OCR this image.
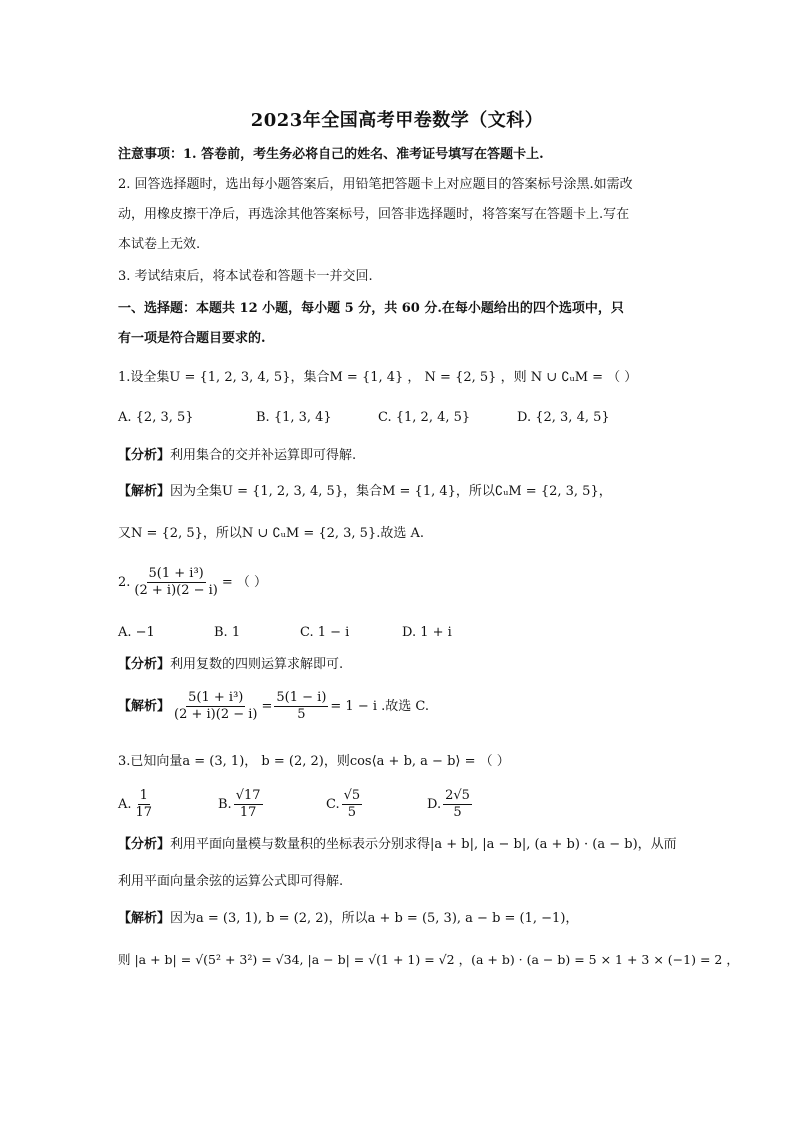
2023年全国高考甲卷数学（文科）
注意事项：1. 答卷前，考生务必将自己的姓名、准考证号填写在答题卡上.
2. 回答选择题时，选出每小题答案后，用铅笔把答题卡上对应题目的答案标号涂黑.如需改
动，用橡皮擦干净后，再选涂其他答案标号，回答非选择题时，将答案写在答题卡上.写在
本试卷上无效.
3. 考试结束后，将本试卷和答题卡一并交回.
一、选择题：本题共 12 小题，每小题 5 分，共 60 分.在每小题给出的四个选项中，只
有一项是符合题目要求的.
1.设全集U = {1, 2, 3, 4, 5}，集合M = {1, 4} ， N = {2, 5} ，则 N ∪ ∁ᵤM = （ ）
A. {2, 3, 5}	B. {1, 3, 4}	C. {1, 2, 4, 5}	D. {2, 3, 4, 5}
【分析】利用集合的交并补运算即可得解.
【解析】因为全集U = {1, 2, 3, 4, 5}，集合M = {1, 4}，所以∁ᵤM = {2, 3, 5}，
又N = {2, 5}，所以N ∪ ∁ᵤM = {2, 3, 5}.故选 A.
2. $\frac{\text{5(1 + i³)}}{(2 + i)(2 - i)}$ = （ ）
A. −1	B. 1	C. 1 − i	D. 1 + i
【分析】利用复数的四则运算求解即可.
【解析】 $\frac{\text{5(1 + i³)}}{(2 + i)(2 - i)} = \frac{5(1 - i)}{5} = 1 - i$ .故选 C.
3.已知向量a = (3, 1)， b = (2, 2)，则cos⟨a + b, a − b⟩ = （ ）
A. $\frac{1}{17}$	B. $\frac{√17}{17}$	C. $\frac{√5}{5}$	D. $\frac{2√5}{5}$
【分析】利用平面向量模与数量积的坐标表示分别求得|a + b|, |a − b|, (a + b) · (a − b)，从而
利用平面向量余弦的运算公式即可得解.
【解析】因为a = (3, 1), b = (2, 2)，所以a + b = (5, 3), a − b = (1, −1)，
则 |a + b| = √(5² + 3²) = √34, |a − b| = √(1 + 1) = √2 ，(a + b) · (a − b) = 5 × 1 + 3 × (−1) = 2 ，
